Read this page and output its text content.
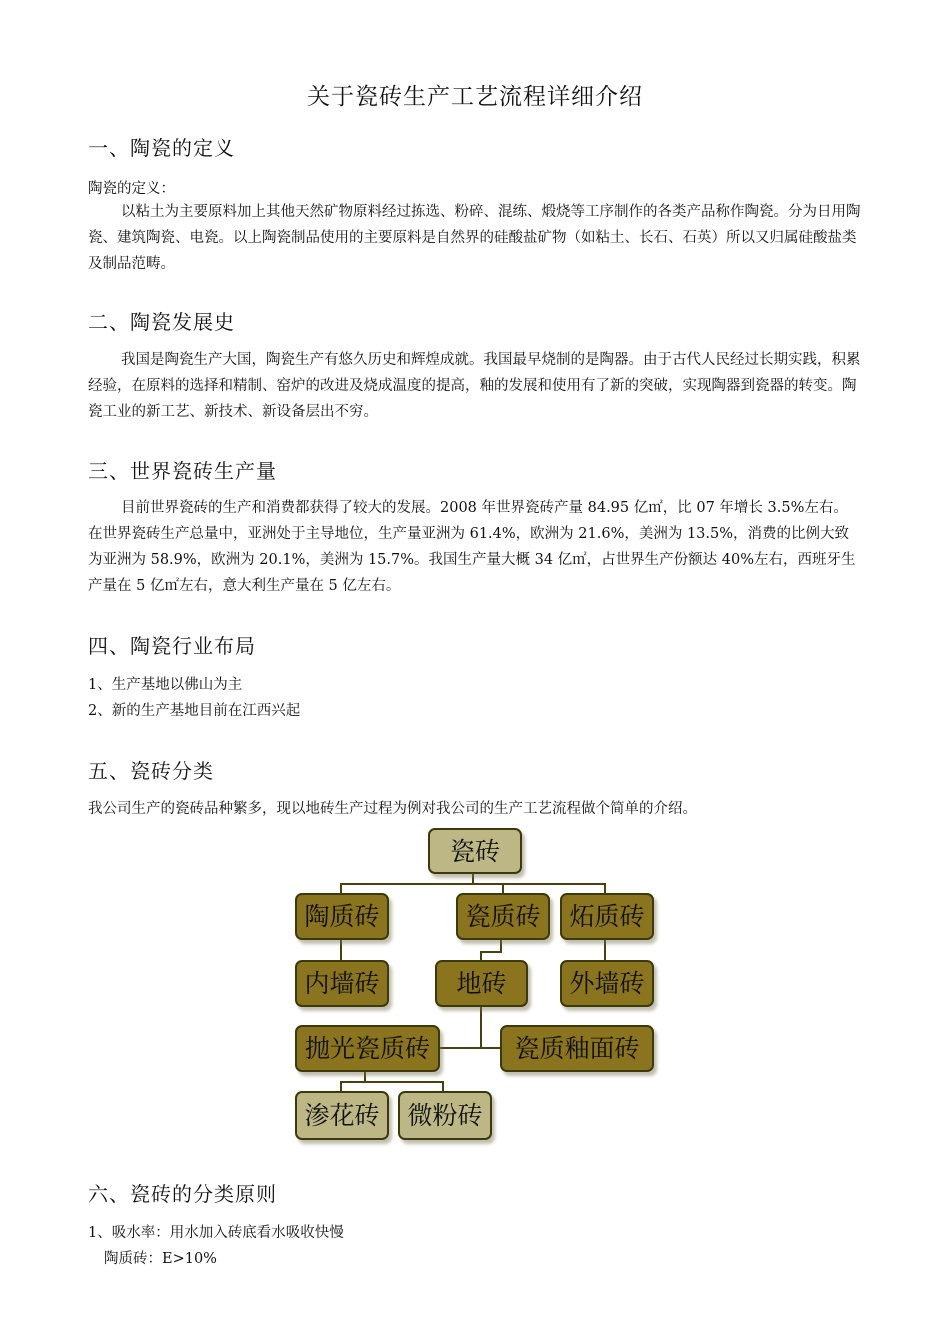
关于瓷砖生产工艺流程详细介绍
一、陶瓷的定义
陶瓷的定义：
以粘土为主要原料加上其他天然矿物原料经过拣选、粉碎、混练、煅烧等工序制作的各类产品称作陶瓷。分为日用陶瓷、建筑陶瓷、电瓷。以上陶瓷制品使用的主要原料是自然界的硅酸盐矿物（如粘土、长石、石英）所以又归属硅酸盐类及制品范畴。
二、陶瓷发展史
我国是陶瓷生产大国，陶瓷生产有悠久历史和辉煌成就。我国最早烧制的是陶器。由于古代人民经过长期实践，积累经验，在原料的选择和精制、窑炉的改进及烧成温度的提高，釉的发展和使用有了新的突破，实现陶器到瓷器的转变。陶瓷工业的新工艺、新技术、新设备层出不穷。
三、世界瓷砖生产量
目前世界瓷砖的生产和消费都获得了较大的发展。2008 年世界瓷砖产量 84.95 亿㎡，比 07 年增长 3.5%左右。在世界瓷砖生产总量中，亚洲处于主导地位，生产量亚洲为 61.4%，欧洲为 21.6%，美洲为 13.5%，消费的比例大致为亚洲为 58.9%，欧洲为 20.1%，美洲为 15.7%。我国生产量大概 34 亿㎡，占世界生产份额达 40%左右，西班牙生产量在 5 亿㎡左右，意大利生产量在 5 亿左右。
四、陶瓷行业布局
1、生产基地以佛山为主
2、新的生产基地目前在江西兴起
五、瓷砖分类
我公司生产的瓷砖品种繁多，现以地砖生产过程为例对我公司的生产工艺流程做个简单的介绍。
瓷砖
陶质砖	瓷质砖	炻质砖
内墙砖	地砖	外墙砖
抛光瓷质砖	瓷质釉面砖
渗花砖	微粉砖
六、瓷砖的分类原则
1、吸水率：用水加入砖底看水吸收快慢
陶质砖：E>10%
